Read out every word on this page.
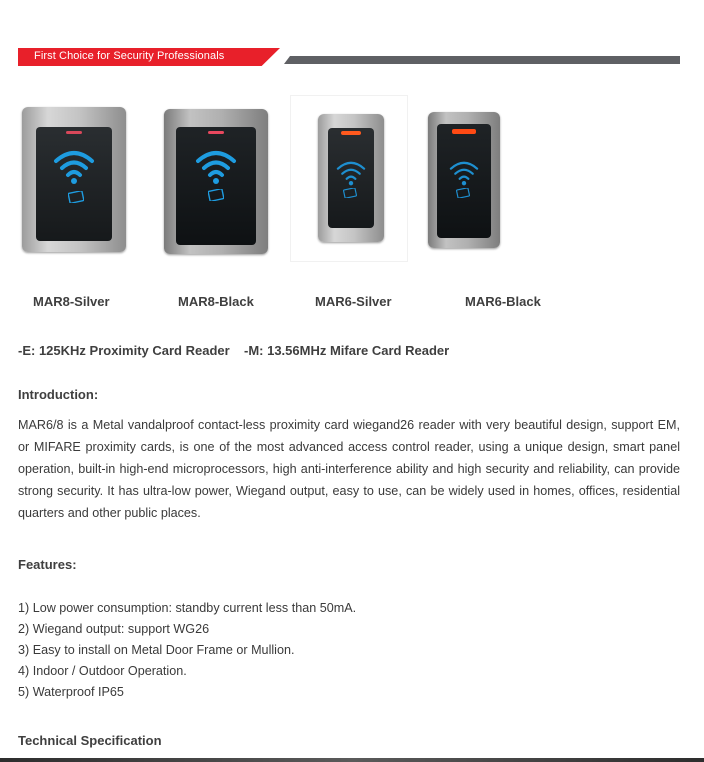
First Choice for Security Professionals
MAR8-Silver	MAR8-Black	MAR6-Silver	MAR6-Black
-E: 125KHz Proximity Card Reader -M: 13.56MHz Mifare Card Reader
Introduction:

MAR6/8 is a Metal vandalproof contact-less proximity card wiegand26 reader with very beautiful design, support EM, or MIFARE proximity cards, is one of the most advanced access control reader, using a unique design, smart panel operation, built-in high-end microprocessors, high anti-interference ability and high security and reliability, can provide strong security. It has ultra-low power, Wiegand output, easy to use, can be widely used in homes, offices, residential quarters and other public places.

Features:
1) Low power consumption: standby current less than 50mA.
2) Wiegand output: support WG26
3) Easy to install on Metal Door Frame or Mullion.
4) Indoor / Outdoor Operation.
5) Waterproof IP65
Technical Specification
